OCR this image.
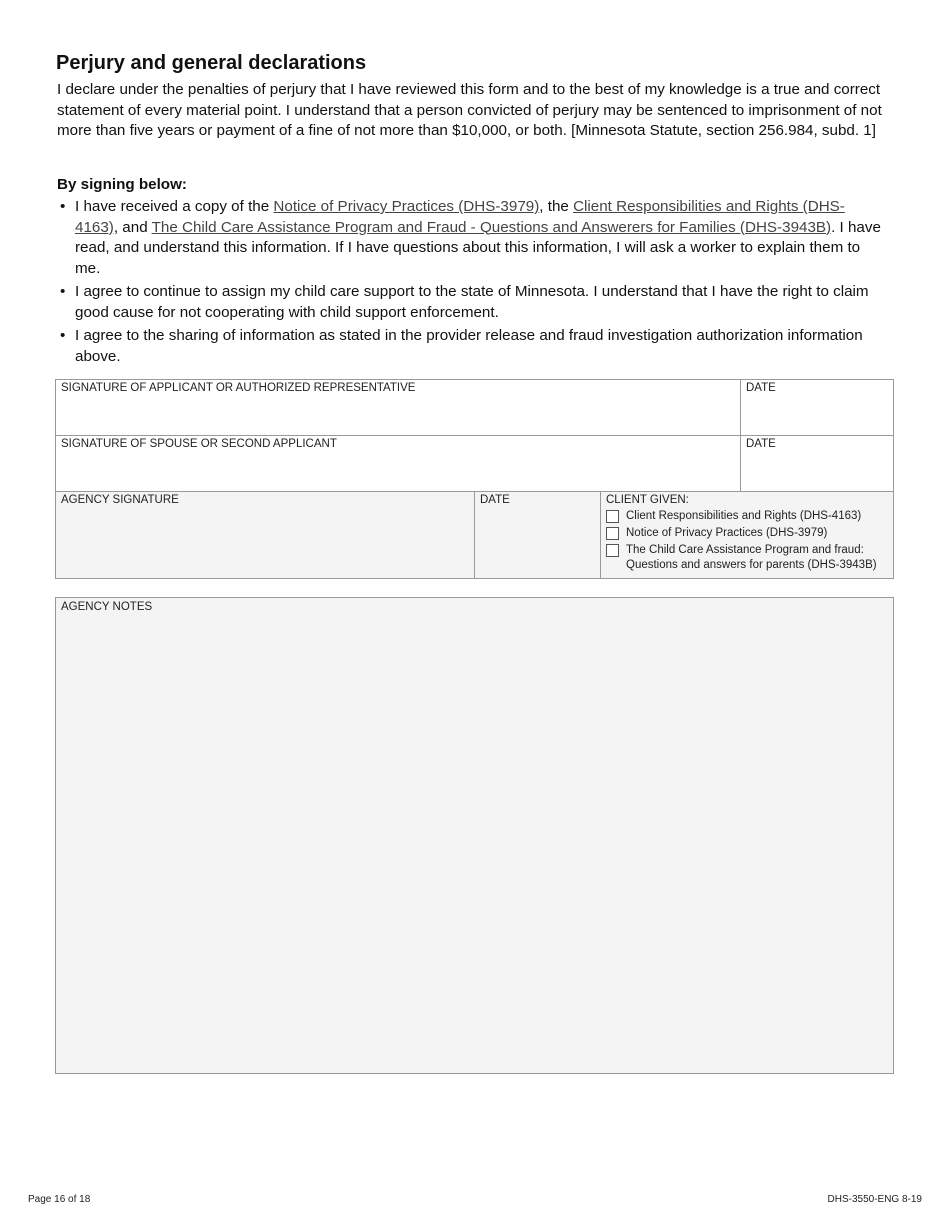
Perjury and general declarations

I declare under the penalties of perjury that I have reviewed this form and to the best of my knowledge is a true and correct statement of every material point. I understand that a person convicted of perjury may be sentenced to imprisonment of not more than five years or payment of a fine of not more than $10,000, or both. [Minnesota Statute, section 256.984, subd. 1]

By signing below:

• I have received a copy of the Notice of Privacy Practices (DHS-3979), the Client Responsibilities and Rights (DHS-4163), and The Child Care Assistance Program and Fraud - Questions and Answerers for Families (DHS-3943B). I have read, and understand this information. If I have questions about this information, I will ask a worker to explain them to me.
• I agree to continue to assign my child care support to the state of Minnesota. I understand that I have the right to claim good cause for not cooperating with child support enforcement.
• I agree to the sharing of information as stated in the provider release and fraud investigation authorization information above.
SIGNATURE OF APPLICANT OR AUTHORIZED REPRESENTATIVE	DATE
SIGNATURE OF SPOUSE OR SECOND APPLICANT	DATE
AGENCY SIGNATURE	DATE	CLIENT GIVEN:
Client Responsibilities and Rights (DHS-4163)
Notice of Privacy Practices (DHS-3979)
The Child Care Assistance Program and fraud: Questions and answers for parents (DHS-3943B)
AGENCY NOTES
Page 16 of 18	DHS-3550-ENG 8-19
